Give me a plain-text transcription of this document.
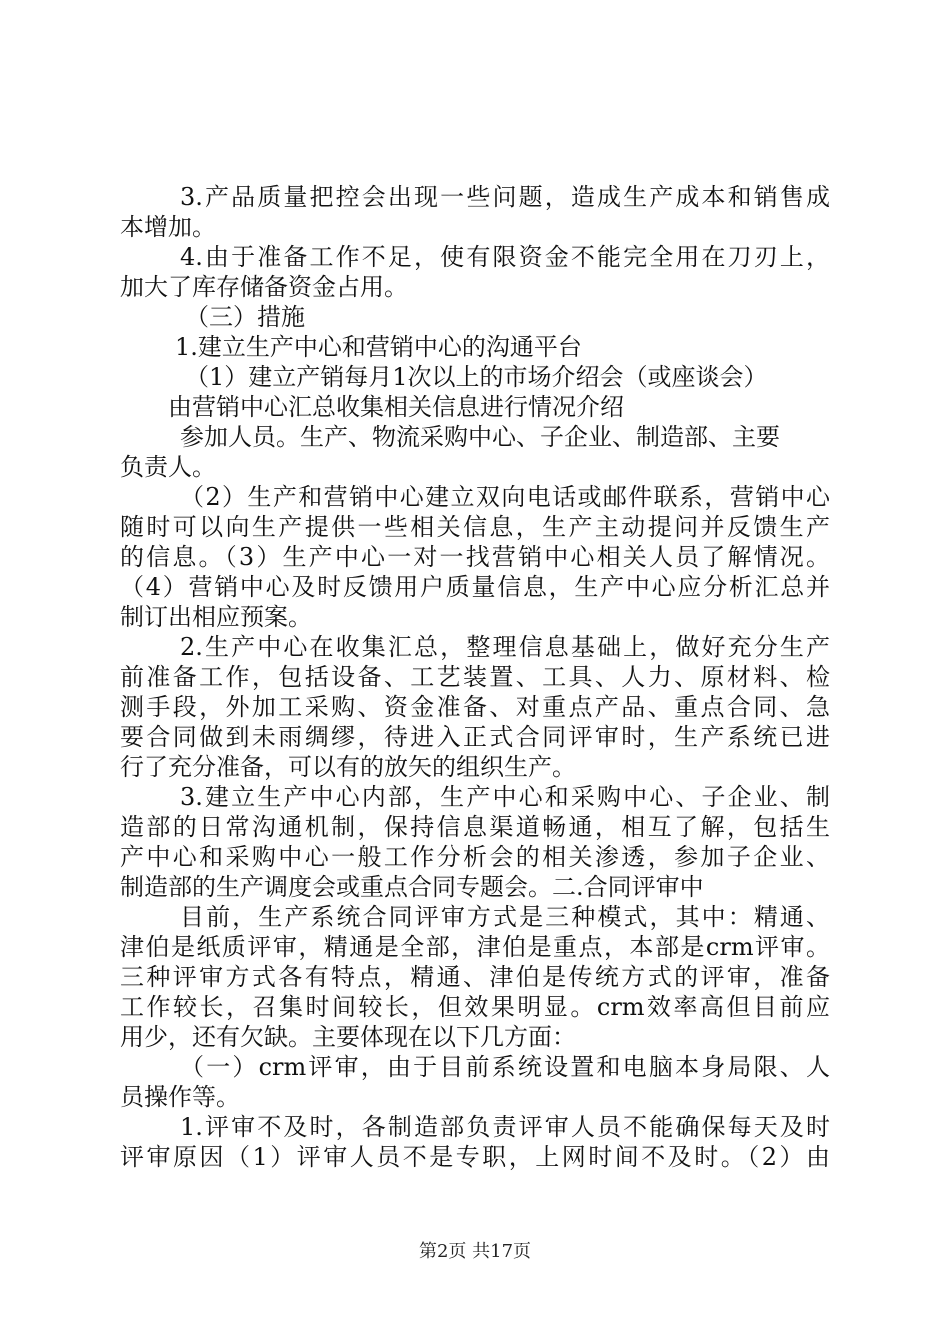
3.产品质量把控会出现一些问题，造成生产成本和销售成
本增加。
4.由于准备工作不足，使有限资金不能完全用在刀刃上，
加大了库存储备资金占用。
（三）措施
1.建立生产中心和营销中心的沟通平台
（1）建立产销每月1次以上的市场介绍会（或座谈会）
由营销中心汇总收集相关信息进行情况介绍
参加人员。生产、物流采购中心、子企业、制造部、主要
负责人。
（2）生产和营销中心建立双向电话或邮件联系，营销中心
随时可以向生产提供一些相关信息，生产主动提问并反馈生产
的信息。（3）生产中心一对一找营销中心相关人员了解情况。
（4）营销中心及时反馈用户质量信息，生产中心应分析汇总并
制订出相应预案。
2.生产中心在收集汇总，整理信息基础上，做好充分生产
前准备工作，包括设备、工艺装置、工具、人力、原材料、检
测手段，外加工采购、资金准备、对重点产品、重点合同、急
要合同做到未雨绸缪，待进入正式合同评审时，生产系统已进
行了充分准备，可以有的放矢的组织生产。
3.建立生产中心内部，生产中心和采购中心、子企业、制
造部的日常沟通机制，保持信息渠道畅通，相互了解，包括生
产中心和采购中心一般工作分析会的相关渗透，参加子企业、
制造部的生产调度会或重点合同专题会。二.合同评审中
目前，生产系统合同评审方式是三种模式，其中：精通、
津伯是纸质评审，精通是全部，津伯是重点，本部是crm评审。
三种评审方式各有特点，精通、津伯是传统方式的评审，准备
工作较长，召集时间较长，但效果明显。crm效率高但目前应
用少，还有欠缺。主要体现在以下几方面：
（一）crm评审，由于目前系统设置和电脑本身局限、人
员操作等。
1.评审不及时，各制造部负责评审人员不能确保每天及时
评审原因（1）评审人员不是专职，上网时间不及时。（2）由
第2页 共17页
